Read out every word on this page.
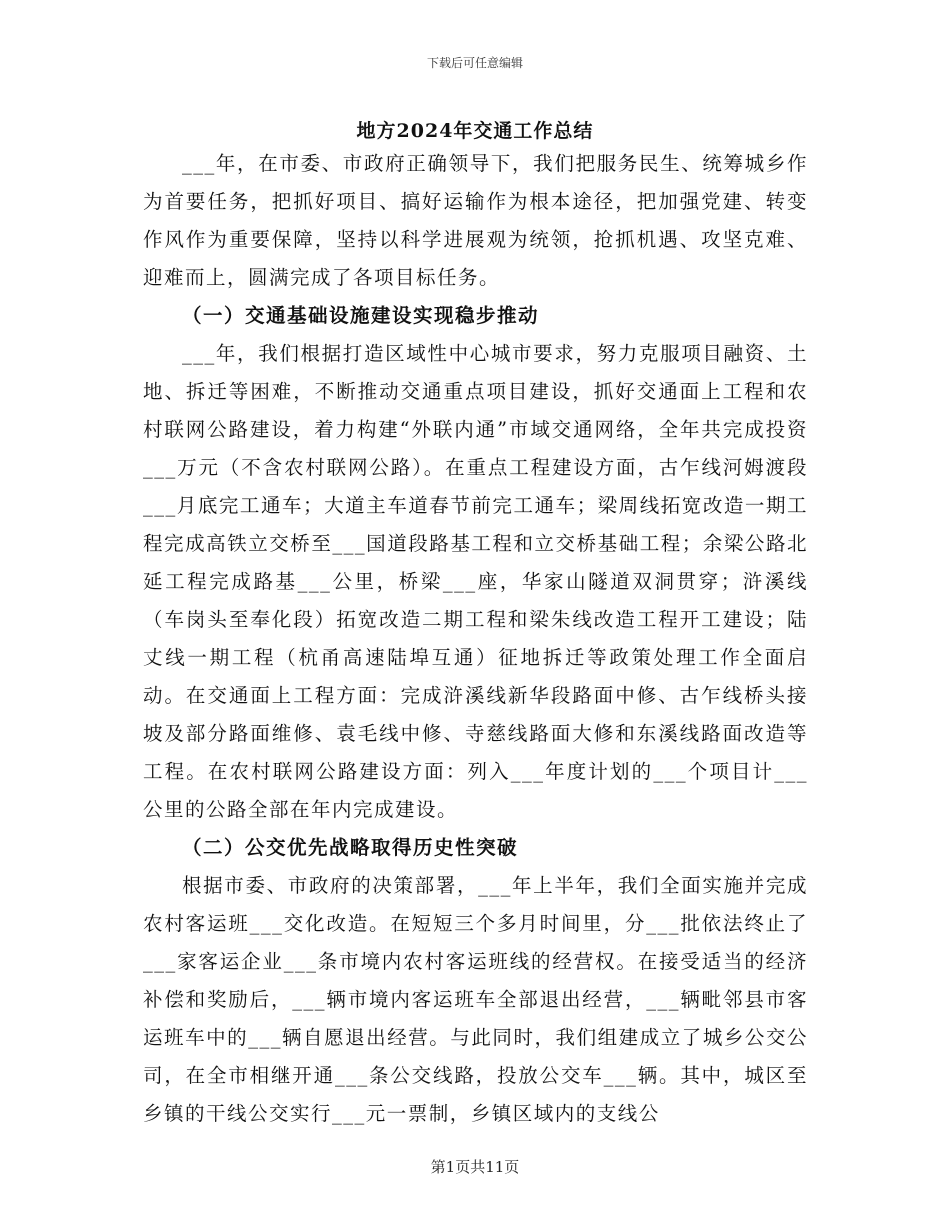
下载后可任意编辑
地方2024年交通工作总结

___年，在市委、市政府正确领导下，我们把服务民生、统筹城乡作为首要任务，把抓好项目、搞好运输作为根本途径，把加强党建、转变作风作为重要保障，坚持以科学进展观为统领，抢抓机遇、攻坚克难、迎难而上，圆满完成了各项目标任务。

（一）交通基础设施建设实现稳步推动

___年，我们根据打造区域性中心城市要求，努力克服项目融资、土地、拆迁等困难，不断推动交通重点项目建设，抓好交通面上工程和农村联网公路建设，着力构建“外联内通”市域交通网络，全年共完成投资___万元（不含农村联网公路）。在重点工程建设方面，古乍线河姆渡段___月底完工通车；大道主车道春节前完工通车；梁周线拓宽改造一期工程完成高铁立交桥至___国道段路基工程和立交桥基础工程；余梁公路北延工程完成路基___公里，桥梁___座，华家山隧道双洞贯穿；浒溪线（车岗头至奉化段）拓宽改造二期工程和梁朱线改造工程开工建设；陆丈线一期工程（杭甬高速陆埠互通）征地拆迁等政策处理工作全面启动。在交通面上工程方面：完成浒溪线新华段路面中修、古乍线桥头接坡及部分路面维修、袁毛线中修、寺慈线路面大修和东溪线路面改造等工程。在农村联网公路建设方面：列入___年度计划的___个项目计___公里的公路全部在年内完成建设。

（二）公交优先战略取得历史性突破

根据市委、市政府的决策部署，___年上半年，我们全面实施并完成农村客运班___交化改造。在短短三个多月时间里，分___批依法终止了___家客运企业___条市境内农村客运班线的经营权。在接受适当的经济补偿和奖励后，___辆市境内客运班车全部退出经营，___辆毗邻县市客运班车中的___辆自愿退出经营。与此同时，我们组建成立了城乡公交公司，在全市相继开通___条公交线路，投放公交车___辆。其中，城区至乡镇的干线公交实行___元一票制，乡镇区域内的支线公

第1页共11页
